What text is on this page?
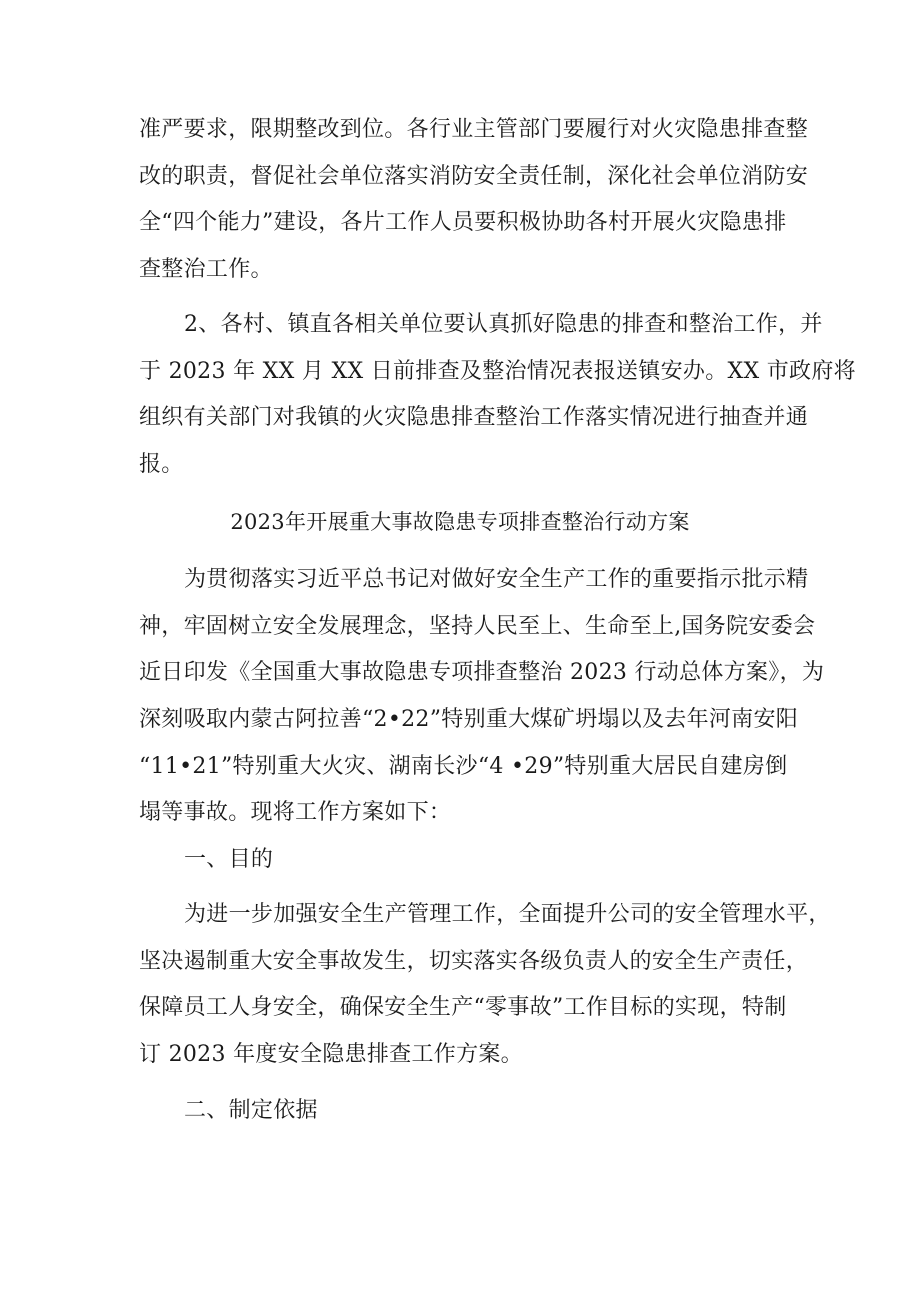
准严要求，限期整改到位。各行业主管部门要履行对火灾隐患排查整
改的职责，督促社会单位落实消防安全责任制，深化社会单位消防安
全“四个能力”建设，各片工作人员要积极协助各村开展火灾隐患排
查整治工作。
2、各村、镇直各相关单位要认真抓好隐患的排查和整治工作，并
于 2023 年 XX 月 XX 日前排查及整治情况表报送镇安办。XX 市政府将
组织有关部门对我镇的火灾隐患排查整治工作落实情况进行抽查并通
报。
2023年开展重大事故隐患专项排查整治行动方案
为贯彻落实习近平总书记对做好安全生产工作的重要指示批示精
神，牢固树立安全发展理念，坚持人民至上、生命至上,国务院安委会
近日印发《全国重大事故隐患专项排查整治 2023 行动总体方案》，为
深刻吸取内蒙古阿拉善“2•22”特别重大煤矿坍塌以及去年河南安阳
“11•21”特别重大火灾、湖南长沙“4 •29”特别重大居民自建房倒
塌等事故。现将工作方案如下：
一、目的
为进一步加强安全生产管理工作，全面提升公司的安全管理水平，
坚决遏制重大安全事故发生，切实落实各级负责人的安全生产责任，
保障员工人身安全，确保安全生产“零事故”工作目标的实现，特制
订 2023 年度安全隐患排查工作方案。
二、制定依据
